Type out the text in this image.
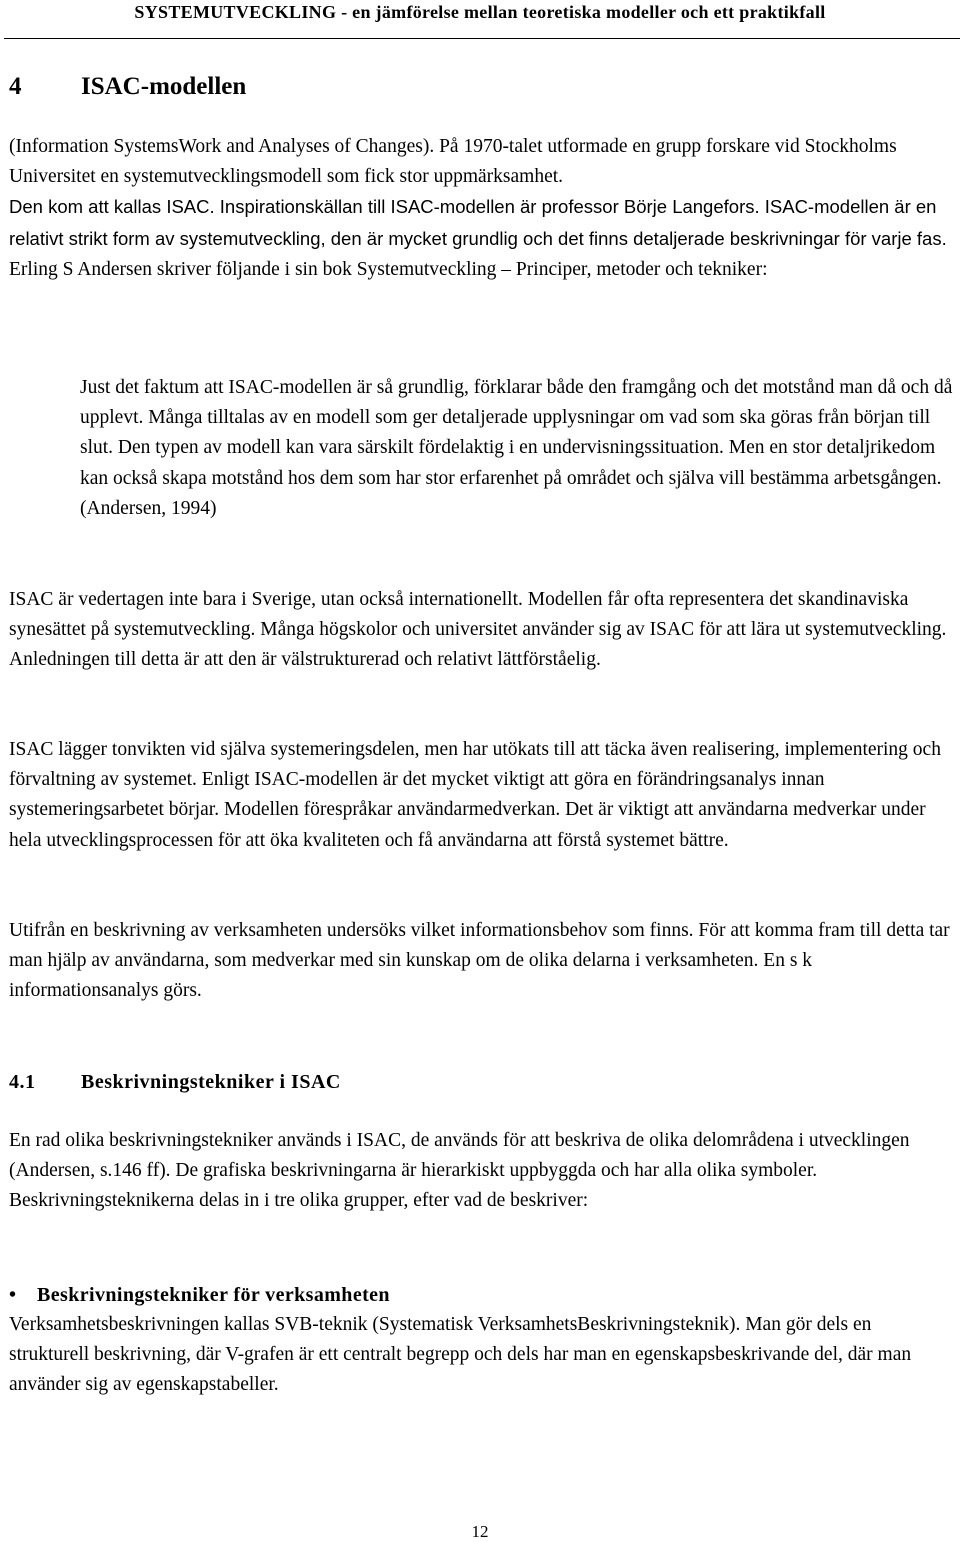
SYSTEMUTVECKLING - en jämförelse mellan teoretiska modeller och ett praktikfall
4 ISAC-modellen
(Information SystemsWork and Analyses of Changes). På 1970-talet utformade en grupp forskare vid Stockholms Universitet en systemutvecklingsmodell som fick stor uppmärksamhet.
Den kom att kallas ISAC. Inspirationskällan till ISAC-modellen är professor Börje Langefors. ISAC-modellen är en relativt strikt form av systemutveckling, den är mycket grundlig och det finns detaljerade beskrivningar för varje fas. Erling S Andersen skriver följande i sin bok Systemutveckling – Principer, metoder och tekniker:
Just det faktum att ISAC-modellen är så grundlig, förklarar både den framgång och det motstånd man då och då upplevt. Många tilltalas av en modell som ger detaljerade upplysningar om vad som ska göras från början till slut. Den typen av modell kan vara särskilt fördelaktig i en undervisningssituation. Men en stor detaljrikedom kan också skapa motstånd hos dem som har stor erfarenhet på området och själva vill bestämma arbetsgången. (Andersen, 1994)
ISAC är vedertagen inte bara i Sverige, utan också internationellt. Modellen får ofta representera det skandinaviska synesättet på systemutveckling. Många högskolor och universitet använder sig av ISAC för att lära ut systemutveckling. Anledningen till detta är att den är välstrukturerad och relativt lättförståelig.
ISAC lägger tonvikten vid själva systemeringsdelen, men har utökats till att täcka även realisering, implementering och förvaltning av systemet. Enligt ISAC-modellen är det mycket viktigt att göra en förändringsanalys innan systemeringsarbetet börjar. Modellen förespråkar användarmedverkan. Det är viktigt att användarna medverkar under hela utvecklingsprocessen för att öka kvaliteten och få användarna att förstå systemet bättre.
Utifrån en beskrivning av verksamheten undersöks vilket informationsbehov som finns. För att komma fram till detta tar man hjälp av användarna, som medverkar med sin kunskap om de olika delarna i verksamheten. En s k informationsanalys görs.
4.1 Beskrivningstekniker i ISAC
En rad olika beskrivningstekniker används i ISAC, de används för att beskriva de olika delområdena i utvecklingen (Andersen, s.146 ff). De grafiska beskrivningarna är hierarkiskt uppbyggda och har alla olika symboler. Beskrivningsteknikerna delas in i tre olika grupper, efter vad de beskriver:
• Beskrivningstekniker för verksamheten
Verksamhetsbeskrivningen kallas SVB-teknik (Systematisk VerksamhetsBeskrivningsteknik). Man gör dels en strukturell beskrivning, där V-grafen är ett centralt begrepp och dels har man en egenskapsbeskrivande del, där man använder sig av egenskapstabeller.
12
